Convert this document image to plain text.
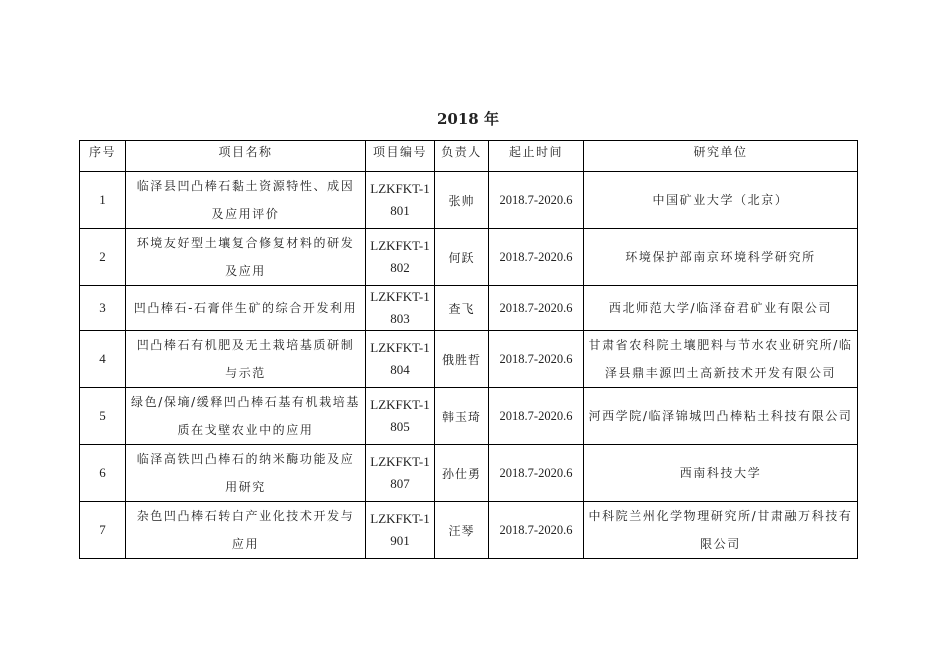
2018 年
序号	项目名称	项目编号	负责人	起止时间	研究单位
1	临泽县凹凸棒石黏土资源特性、成因及应用评价	LZKFKT-1801	张帅	2018.7-2020.6	中国矿业大学（北京）
2	环境友好型土壤复合修复材料的研发及应用	LZKFKT-1802	何跃	2018.7-2020.6	环境保护部南京环境科学研究所
3	凹凸棒石-石膏伴生矿的综合开发利用	LZKFKT-1803	查飞	2018.7-2020.6	西北师范大学/临泽奋君矿业有限公司
4	凹凸棒石有机肥及无土栽培基质研制与示范	LZKFKT-1804	俄胜哲	2018.7-2020.6	甘肃省农科院土壤肥料与节水农业研究所/临泽县鼎丰源凹土高新技术开发有限公司
5	绿色/保墒/缓释凹凸棒石基有机栽培基质在戈壁农业中的应用	LZKFKT-1805	韩玉琦	2018.7-2020.6	河西学院/临泽锦城凹凸棒粘土科技有限公司
6	临泽高铁凹凸棒石的纳米酶功能及应用研究	LZKFKT-1807	孙仕勇	2018.7-2020.6	西南科技大学
7	杂色凹凸棒石转白产业化技术开发与应用	LZKFKT-1901	汪琴	2018.7-2020.6	中科院兰州化学物理研究所/甘肃融万科技有限公司
